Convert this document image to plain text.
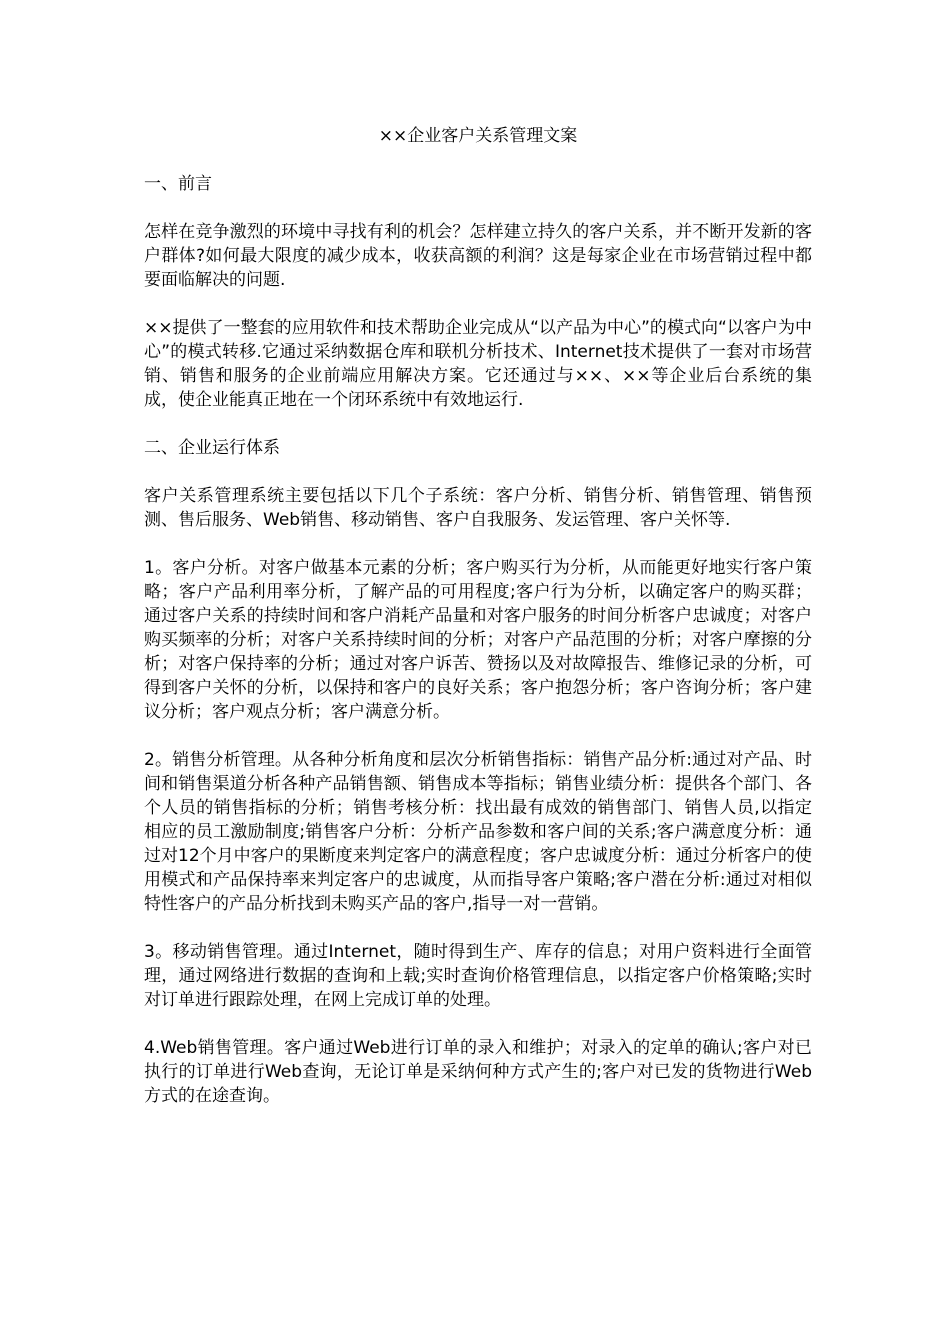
××企业客户关系管理文案
一、前言
怎样在竞争激烈的环境中寻找有利的机会？怎样建立持久的客户关系，并不断开发新的客户群体?如何最大限度的减少成本，收获高额的利润？这是每家企业在市场营销过程中都要面临解决的问题.
××提供了一整套的应用软件和技术帮助企业完成从“以产品为中心”的模式向“以客户为中心”的模式转移.它通过采纳数据仓库和联机分析技术、Internet技术提供了一套对市场营销、销售和服务的企业前端应用解决方案。它还通过与××、××等企业后台系统的集成，使企业能真正地在一个闭环系统中有效地运行.
二、企业运行体系
客户关系管理系统主要包括以下几个子系统：客户分析、销售分析、销售管理、销售预测、售后服务、Web销售、移动销售、客户自我服务、发运管理、客户关怀等.
1。客户分析。对客户做基本元素的分析；客户购买行为分析，从而能更好地实行客户策略；客户产品利用率分析，了解产品的可用程度;客户行为分析，以确定客户的购买群；通过客户关系的持续时间和客户消耗产品量和对客户服务的时间分析客户忠诚度；对客户购买频率的分析；对客户关系持续时间的分析；对客户产品范围的分析；对客户摩擦的分析；对客户保持率的分析；通过对客户诉苦、赞扬以及对故障报告、维修记录的分析，可得到客户关怀的分析，以保持和客户的良好关系；客户抱怨分析；客户咨询分析；客户建议分析；客户观点分析；客户满意分析。
2。销售分析管理。从各种分析角度和层次分析销售指标：销售产品分析:通过对产品、时间和销售渠道分析各种产品销售额、销售成本等指标；销售业绩分析：提供各个部门、各个人员的销售指标的分析；销售考核分析：找出最有成效的销售部门、销售人员,以指定相应的员工激励制度;销售客户分析：分析产品参数和客户间的关系;客户满意度分析：通过对12个月中客户的果断度来判定客户的满意程度；客户忠诚度分析：通过分析客户的使用模式和产品保持率来判定客户的忠诚度，从而指导客户策略;客户潜在分析:通过对相似特性客户的产品分析找到未购买产品的客户,指导一对一营销。
3。移动销售管理。通过Internet，随时得到生产、库存的信息；对用户资料进行全面管理，通过网络进行数据的查询和上载;实时查询价格管理信息，以指定客户价格策略;实时对订单进行跟踪处理，在网上完成订单的处理。
4.Web销售管理。客户通过Web进行订单的录入和维护；对录入的定单的确认;客户对已执行的订单进行Web查询，无论订单是采纳何种方式产生的;客户对已发的货物进行Web方式的在途查询。
